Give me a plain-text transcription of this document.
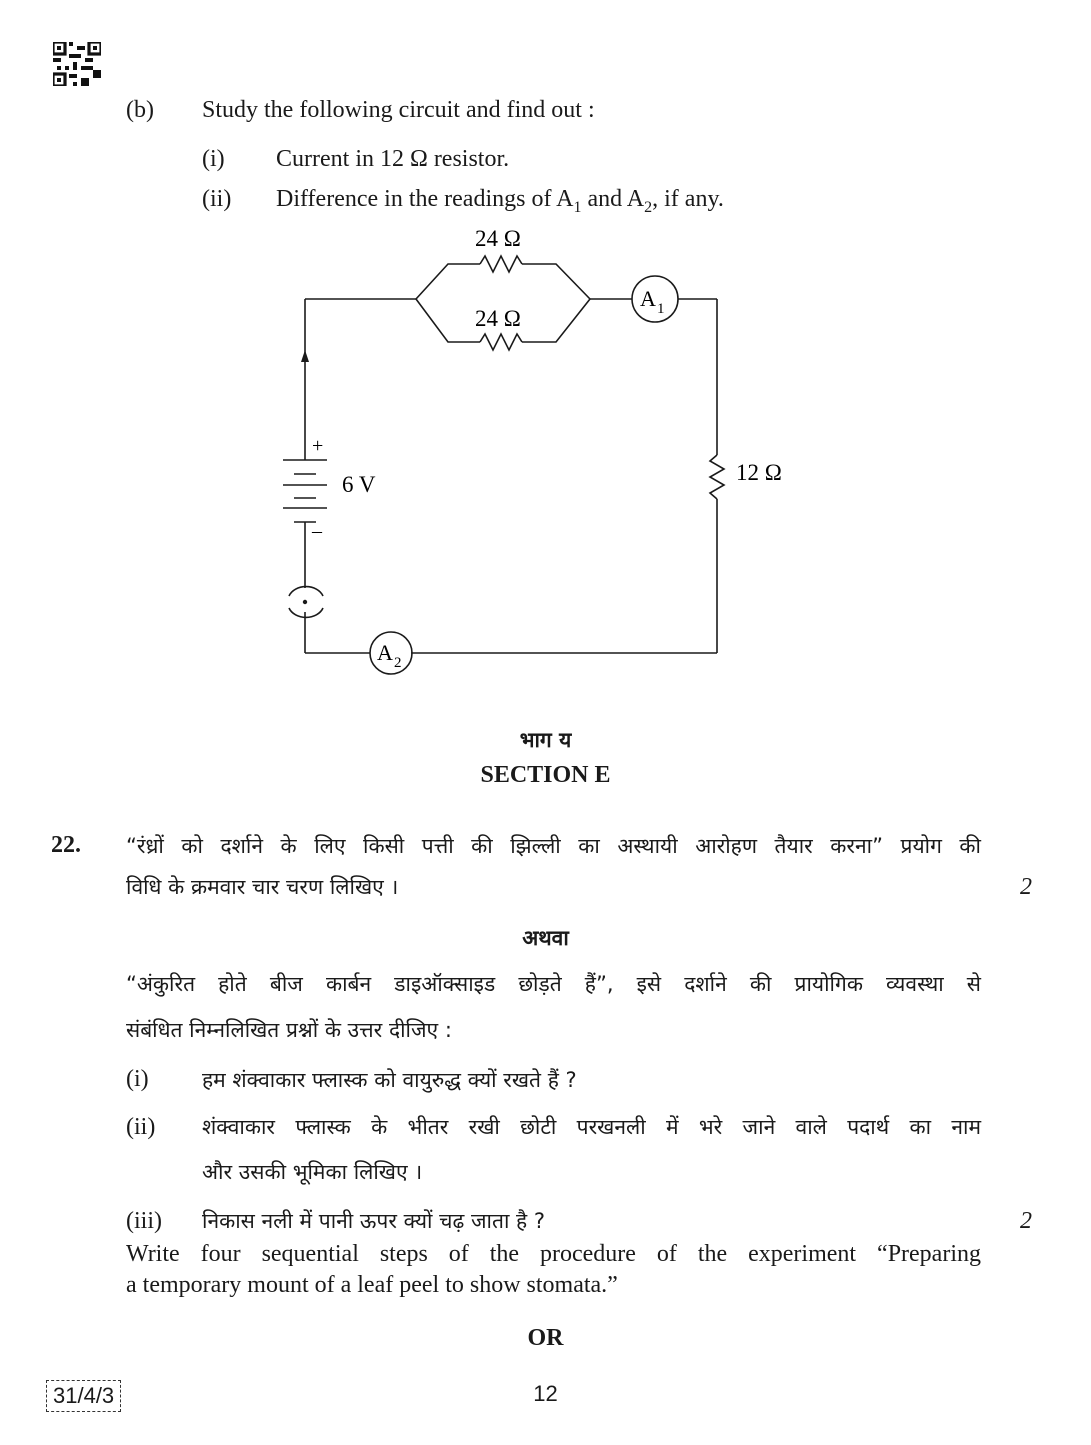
(b) Study the following circuit and find out :
(i) Current in 12 Ω resistor.
(ii) Difference in the readings of $A_1$ and $A_2$, if any.
24 Ω
24 Ω
12 Ω
6 V
+
–
A 1
A 2
भाग य
SECTION E
22. “रंध्रों को दर्शाने के लिए किसी पत्ती की झिल्ली का अस्थायी आरोहण तैयार करना” प्रयोग की
विधि के क्रमवार चार चरण लिखिए ।	2
अथवा
“अंकुरित होते बीज कार्बन डाइऑक्साइड छोड़ते हैं”, इसे दर्शाने की प्रायोगिक व्यवस्था से
संबंधित निम्नलिखित प्रश्नों के उत्तर दीजिए :
(i)	हम शंक्वाकार फ्लास्क को वायुरुद्ध क्यों रखते हैं ?
(ii) शंक्वाकार फ्लास्क के भीतर रखी छोटी परखनली में भरे जाने वाले पदार्थ का नाम
और उसकी भूमिका लिखिए ।
(iii) निकास नली में पानी ऊपर क्यों चढ़ जाता है ?	2
Write four sequential steps of the procedure of the experiment “Preparing
a temporary mount of a leaf peel to show stomata.”
OR
31/4/3	12
